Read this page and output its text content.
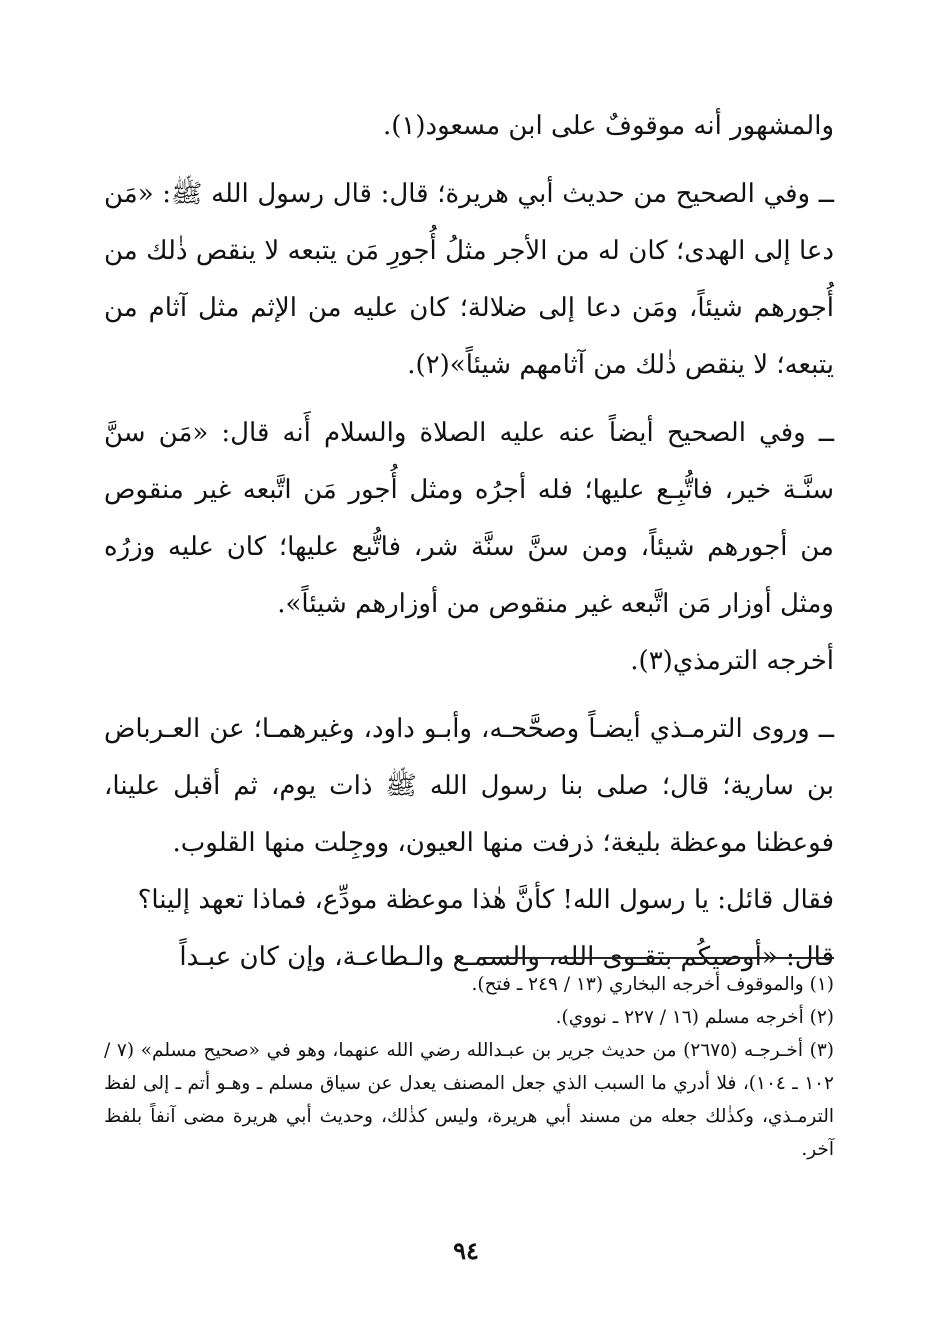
والمشهور أنه موقوفٌ على ابن مسعود(١).

ــ وفي الصحيح من حديث أبي هريرة؛ قال: قال رسول الله ﷺ: «مَن دعا إلى الهدى؛ كان له من الأجر مثلُ أُجورِ مَن يتبعه لا ينقص ذٰلك من أُجورهم شيئاً، ومَن دعا إلى ضلالة؛ كان عليه من الإثم مثل آثام من يتبعه؛ لا ينقص ذٰلك من آثامهم شيئاً»(٢).

ــ وفي الصحيح أيضاً عنه عليه الصلاة والسلام أَنه قال: «مَن سنَّ سنَّـة خير، فاتُّبِـع عليها؛ فله أجرُه ومثل أُجور مَن اتَّبعه غير منقوص من أجورهم شيئاً، ومن سنَّ سنَّة شر، فاتُّبع عليها؛ كان عليه وزرُه ومثل أوزار مَن اتَّبعه غير منقوص من أوزارهم شيئاً».

أخرجه الترمذي(٣).

ــ وروى الترمـذي أيضـاً وصحَّحـه، وأبـو داود، وغيرهمـا؛ عن العـرباض بن سارية؛ قال؛ صلى بنا رسول الله ﷺ ذات يوم، ثم أقبل علينا، فوعظنا موعظة بليغة؛ ذرفت منها العيون، ووجِلت منها القلوب.

فقال قائل: يا رسول الله! كأنَّ هٰذا موعظة مودِّع، فماذا تعهد إلينا؟

قال: «أوصيكُم بتقـوى الله، والسمـع والـطاعـة، وإن كان عبـداً

(١) والموقوف أخرجه البخاري (١٣ / ٢٤٩ ـ فتح).

(٢) أخرجه مسلم (١٦ / ٢٢٧ ـ نووي).

(٣) أخـرجـه (٢٦٧٥) من حديث جرير بن عبـدالله رضي الله عنهما، وهو في «صحيح مسلم» (٧ / ١٠٢ ـ ١٠٤)، فلا أدري ما السبب الذي جعل المصنف يعدل عن سياق مسلم ـ وهـو أتم ـ إلى لفظ الترمـذي، وكذٰلك جعله من مسند أبي هريرة، وليس كذٰلك، وحديث أبي هريرة مضى آنفاً بلفظ آخر.

٩٤
